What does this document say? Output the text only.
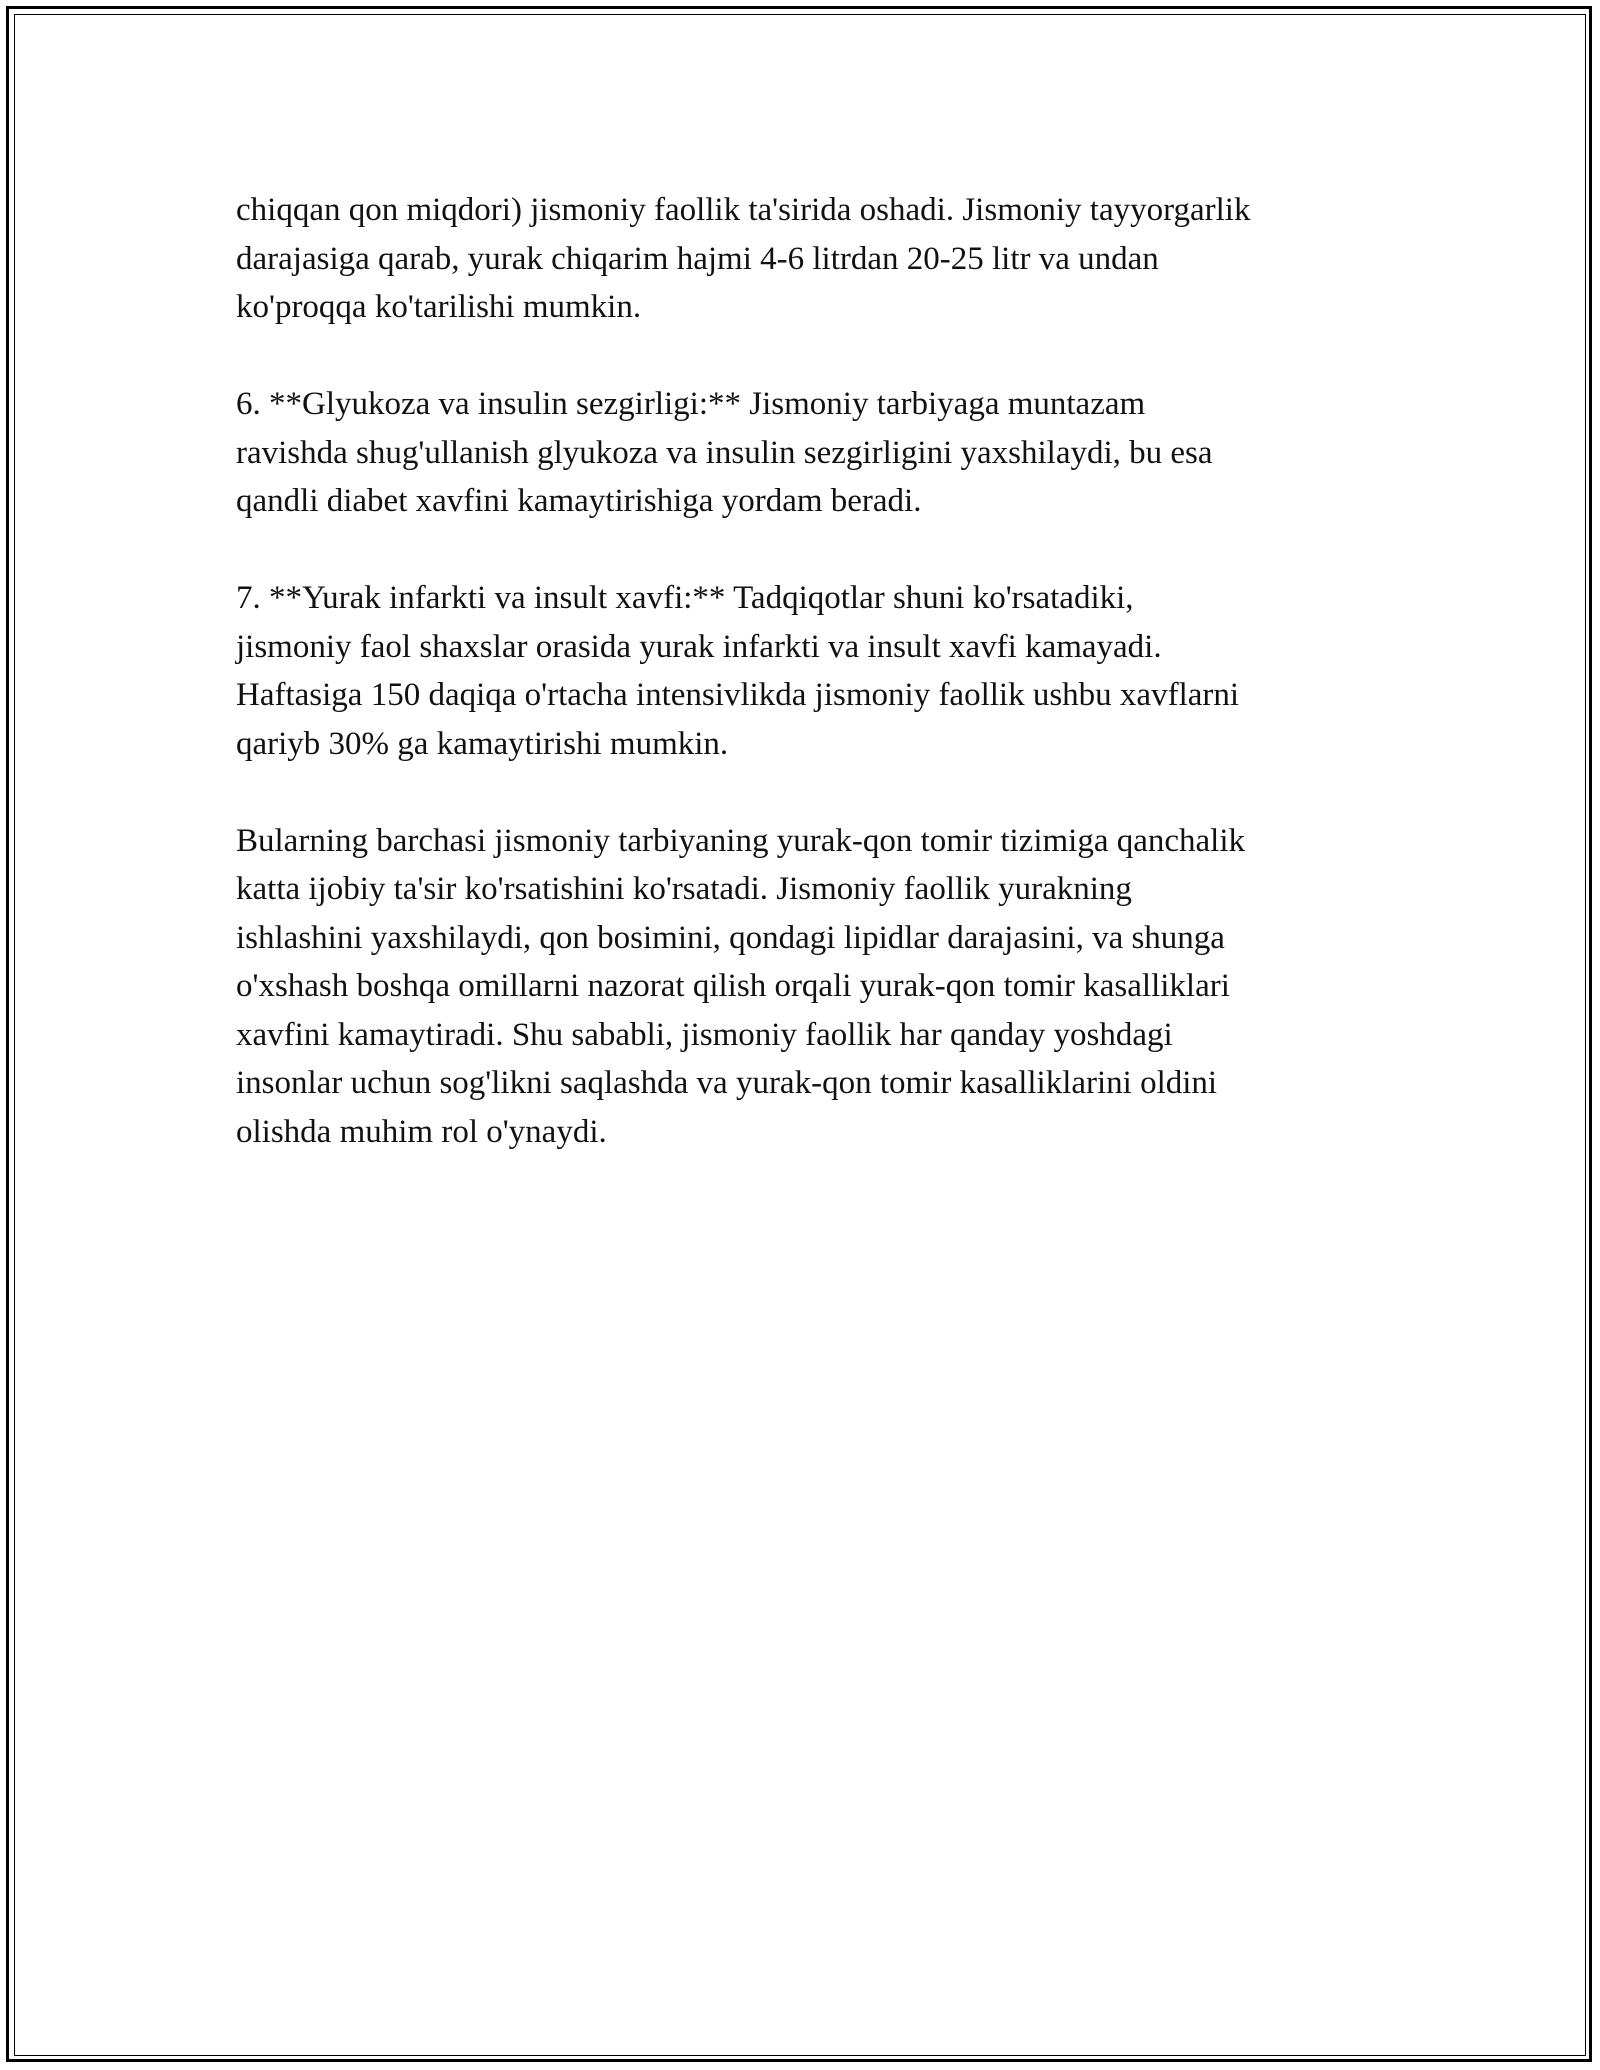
chiqqan qon miqdori) jismoniy faollik ta'sirida oshadi. Jismoniy tayyorgarlik
darajasiga qarab, yurak chiqarim hajmi 4-6 litrdan 20-25 litr va undan
ko'proqqa ko'tarilishi mumkin.

6. **Glyukoza va insulin sezgirligi:** Jismoniy tarbiyaga muntazam
ravishda shug'ullanish glyukoza va insulin sezgirligini yaxshilaydi, bu esa
qandli diabet xavfini kamaytirishiga yordam beradi.

7. **Yurak infarkti va insult xavfi:** Tadqiqotlar shuni ko'rsatadiki,
jismoniy faol shaxslar orasida yurak infarkti va insult xavfi kamayadi.
Haftasiga 150 daqiqa o'rtacha intensivlikda jismoniy faollik ushbu xavflarni
qariyb 30% ga kamaytirishi mumkin.

Bularning barchasi jismoniy tarbiyaning yurak-qon tomir tizimiga qanchalik
katta ijobiy ta'sir ko'rsatishini ko'rsatadi. Jismoniy faollik yurakning
ishlashini yaxshilaydi, qon bosimini, qondagi lipidlar darajasini, va shunga
o'xshash boshqa omillarni nazorat qilish orqali yurak-qon tomir kasalliklari
xavfini kamaytiradi. Shu sababli, jismoniy faollik har qanday yoshdagi
insonlar uchun sog'likni saqlashda va yurak-qon tomir kasalliklarini oldini
olishda muhim rol o'ynaydi.
